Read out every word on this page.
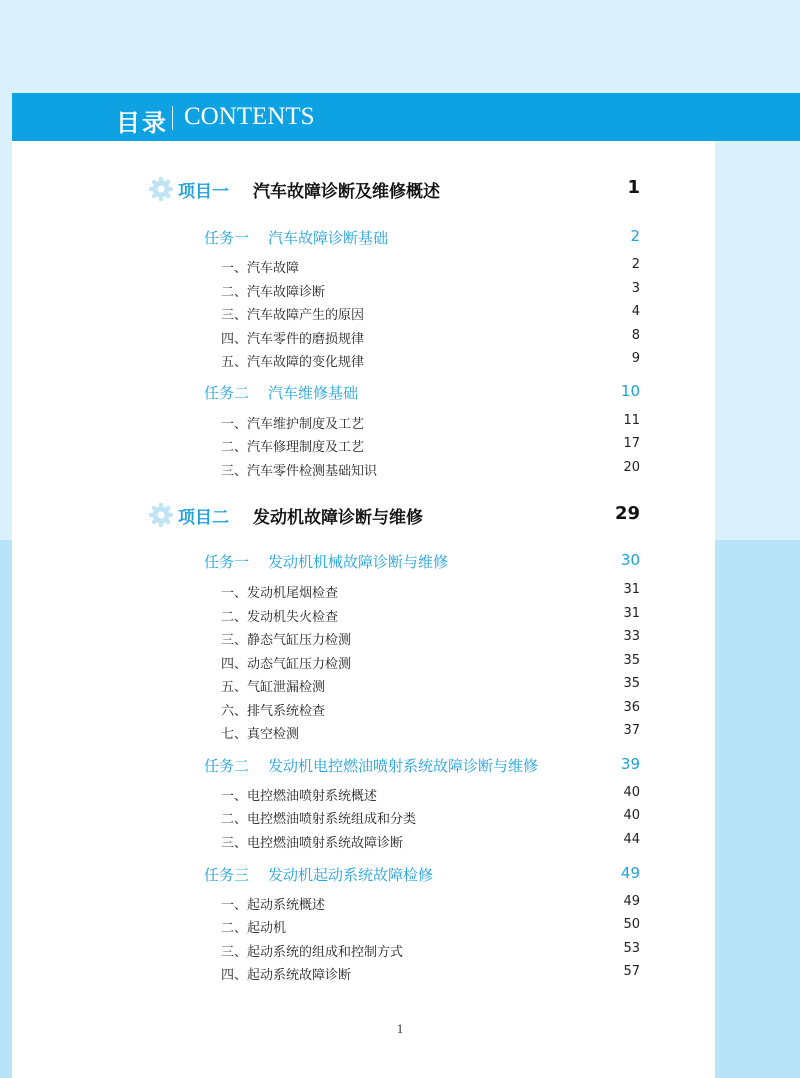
目录 CONTENTS
项目一 汽车故障诊断及维修概述	1
任务一 汽车故障诊断基础	2
一、汽车故障	2
二、汽车故障诊断	3
三、汽车故障产生的原因	4
四、汽车零件的磨损规律	8
五、汽车故障的变化规律	9
任务二 汽车维修基础	10
一、汽车维护制度及工艺	11
二、汽车修理制度及工艺	17
三、汽车零件检测基础知识	20
项目二 发动机故障诊断与维修	29
任务一 发动机机械故障诊断与维修	30
一、发动机尾烟检查	31
二、发动机失火检查	31
三、静态气缸压力检测	33
四、动态气缸压力检测	35
五、气缸泄漏检测	35
六、排气系统检查	36
七、真空检测	37
任务二 发动机电控燃油喷射系统故障诊断与维修	39
一、电控燃油喷射系统概述	40
二、电控燃油喷射系统组成和分类	40
三、电控燃油喷射系统故障诊断	44
任务三 发动机起动系统故障检修	49
一、起动系统概述	49
二、起动机	50
三、起动系统的组成和控制方式	53
四、起动系统故障诊断	57
1
